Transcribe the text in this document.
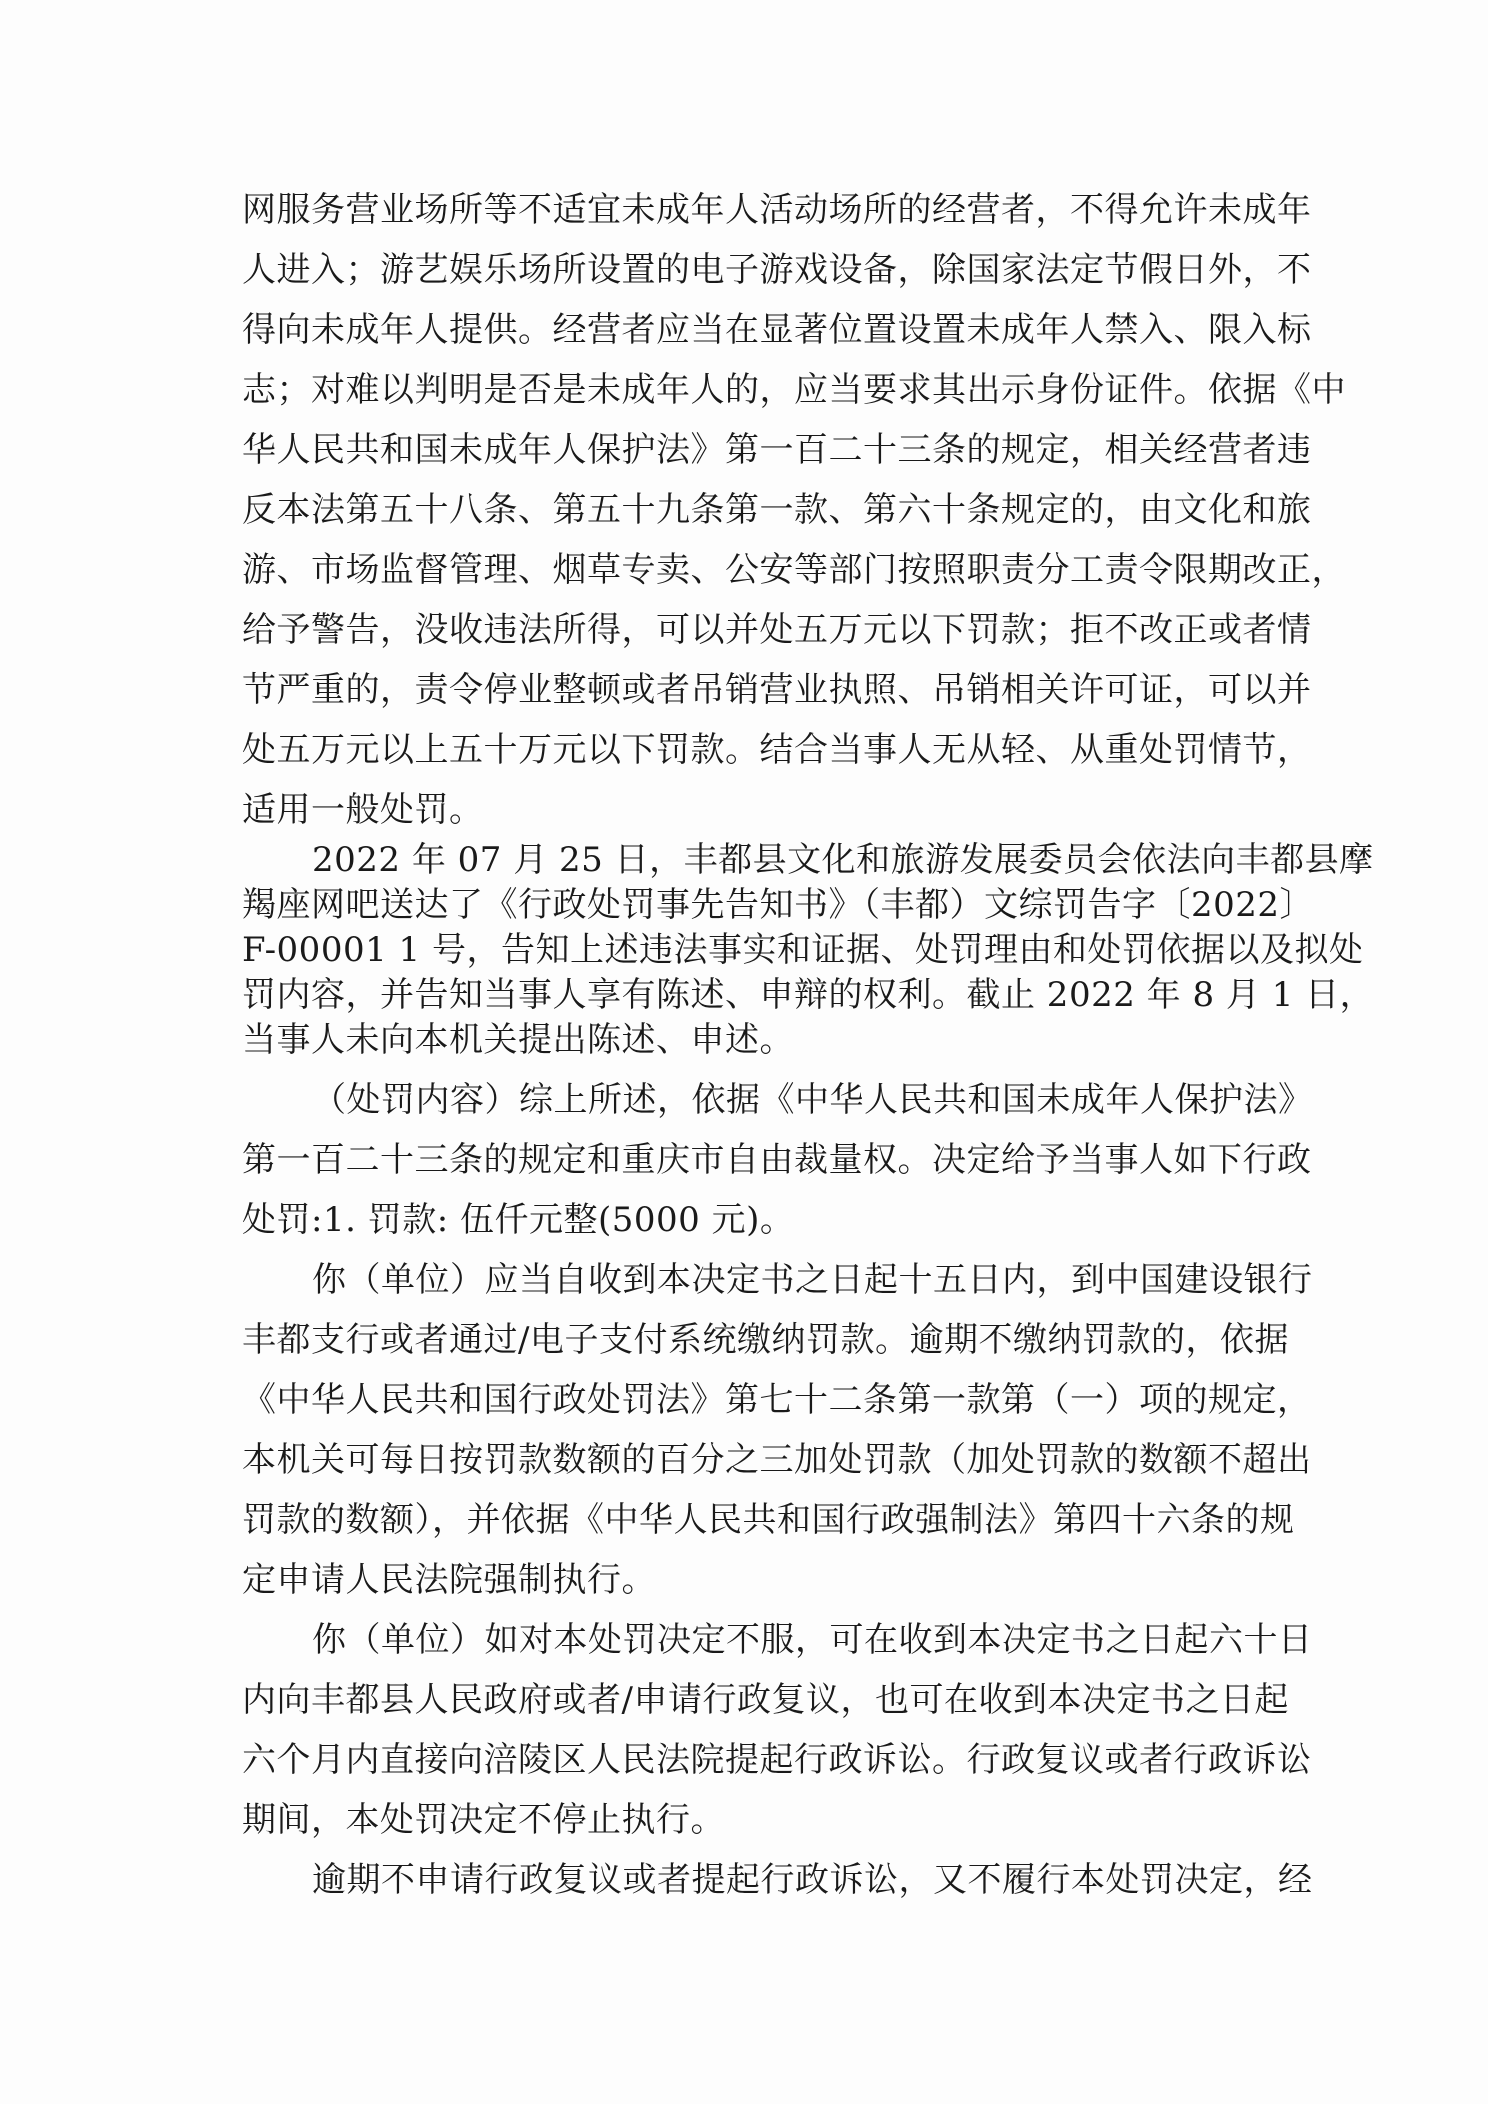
网服务营业场所等不适宜未成年人活动场所的经营者，不得允许未成年
人进入；游艺娱乐场所设置的电子游戏设备，除国家法定节假日外，不
得向未成年人提供。经营者应当在显著位置设置未成年人禁入、限入标
志；对难以判明是否是未成年人的，应当要求其出示身份证件。依据《中
华人民共和国未成年人保护法》第一百二十三条的规定，相关经营者违
反本法第五十八条、第五十九条第一款、第六十条规定的，由文化和旅
游、市场监督管理、烟草专卖、公安等部门按照职责分工责令限期改正，
给予警告，没收违法所得，可以并处五万元以下罚款；拒不改正或者情
节严重的，责令停业整顿或者吊销营业执照、吊销相关许可证，可以并
处五万元以上五十万元以下罚款。结合当事人无从轻、从重处罚情节，
适用一般处罚。
2022 年 07 月 25 日，丰都县文化和旅游发展委员会依法向丰都县摩
羯座网吧送达了《行政处罚事先告知书》（丰都）文综罚告字〔2022〕
F-00001 1 号，告知上述违法事实和证据、处罚理由和处罚依据以及拟处
罚内容，并告知当事人享有陈述、申辩的权利。截止 2022 年 8 月 1 日，
当事人未向本机关提出陈述、申述。
（处罚内容）综上所述，依据《中华人民共和国未成年人保护法》
第一百二十三条的规定和重庆市自由裁量权。决定给予当事人如下行政
处罚:1. 罚款: 伍仟元整(5000 元)。
你（单位）应当自收到本决定书之日起十五日内，到中国建设银行
丰都支行或者通过/电子支付系统缴纳罚款。逾期不缴纳罚款的，依据
《中华人民共和国行政处罚法》第七十二条第一款第（一）项的规定，
本机关可每日按罚款数额的百分之三加处罚款（加处罚款的数额不超出
罚款的数额），并依据《中华人民共和国行政强制法》第四十六条的规
定申请人民法院强制执行。
你（单位）如对本处罚决定不服，可在收到本决定书之日起六十日
内向丰都县人民政府或者/申请行政复议，也可在收到本决定书之日起
六个月内直接向涪陵区人民法院提起行政诉讼。行政复议或者行政诉讼
期间，本处罚决定不停止执行。
逾期不申请行政复议或者提起行政诉讼，又不履行本处罚决定，经
